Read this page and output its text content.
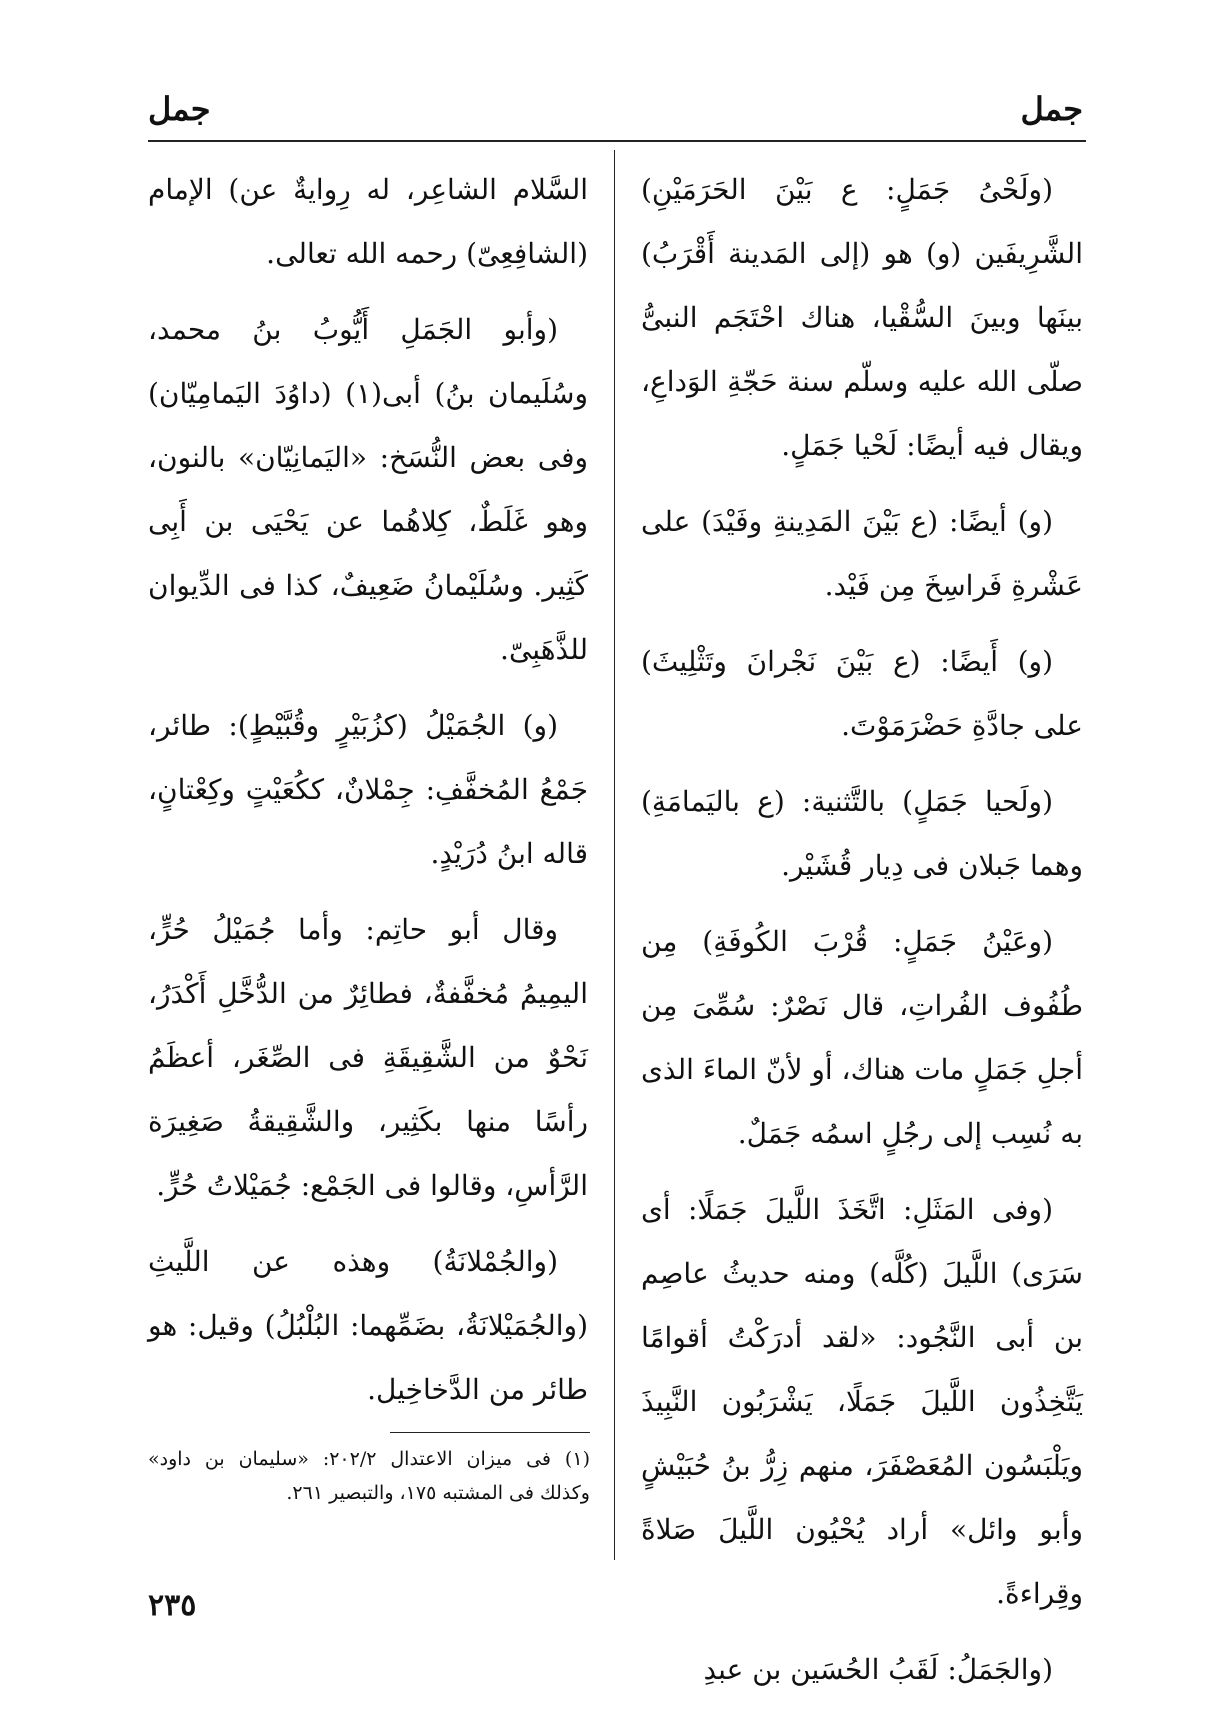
جمل
جمل

(ولَحْىُ جَمَلٍ: ع بَيْنَ الحَرَمَيْنِ) الشَّرِيفَين (و) هو (إلى المَدينة أَقْرَبُ) بينَها وبينَ السُّقْيا، هناك احْتَجَم النبىُّ صلّى الله عليه وسلّم سنة حَجّةِ الوَداعِ، ويقال فيه أيضًا: لَحْيا جَمَلٍ.

(و) أيضًا: (ع بَيْنَ المَدِينةِ وفَيْدَ) على عَشْرةِ فَراسِخَ مِن فَيْد.

(و) أَيضًا: (ع بَيْنَ نَجْرانَ وتَثْلِيثَ) على جادَّةِ حَضْرَمَوْتَ.

(ولَحيا جَمَلٍ) بالتَّثنية: (ع باليَمامَةِ) وهما جَبلان فى دِيار قُشَيْر.

(وعَيْنُ جَمَلٍ: قُرْبَ الكُوفَةِ) مِن طُفُوف الفُراتِ، قال نَصْرٌ: سُمِّىَ مِن أجلِ جَمَلٍ مات هناك، أو لأنّ الماءَ الذى به نُسِب إلى رجُلٍ اسمُه جَمَلٌ.

(وفى المَثَلِ: اتَّخَذَ اللَّيلَ جَمَلًا: أى سَرَى) اللَّيلَ (كُلَّه) ومنه حديثُ عاصِم بن أبى النَّجُود: «لقد أدرَكْتُ أقوامًا يَتَّخِذُون اللَّيلَ جَمَلًا، يَشْرَبُون النَّبِيذَ ويَلْبَسُون المُعَصْفَرَ، منهم زِرُّ بنُ حُبَيْشٍ وأبو وائل» أراد يُحْيُون اللَّيلَ صَلاةً وقِراءةً.

(والجَمَلُ: لَقَبُ الحُسَين بن عبدِ

السَّلام الشاعِر، له رِوايةٌ عن) الإمام (الشافِعِىّ) رحمه الله تعالى.

(وأبو الجَمَلِ أَيُّوبُ بنُ محمد، وسُلَيمان بنُ) أبى(١) (داوُدَ اليَمامِيّان) وفى بعض النُّسَخ: «اليَمانِيّان» بالنون، وهو غَلَطٌ، كِلاهُما عن يَحْيَى بن أَبِى كَثِير. وسُلَيْمانُ ضَعِيفٌ، كذا فى الدِّيوان للذَّهَبِىّ.

(و) الجُمَيْلُ (كزُبَيْرٍ وقُبَّيْطٍ): طائر، جَمْعُ المُخفَّفِ: جِمْلانٌ، ككُعَيْتٍ وكِعْتانٍ، قاله ابنُ دُرَيْدٍ.

وقال أبو حاتِم: وأما جُمَيْلُ حُرٍّ، اليمِيمُ مُخفَّفةٌ، فطائِرٌ من الدُّخَّلِ أَكْدَرُ، نَحْوٌ من الشَّقِيقَةِ فى الصِّغَر، أعظَمُ رأسًا منها بكَثِير، والشَّقِيقةُ صَغِيرَة الرَّأسِ، وقالوا فى الجَمْع: جُمَيْلاتُ حُرٍّ.

(والجُمْلانَةُ) وهذه عن اللَّيثِ (والجُمَيْلانَةُ، بضَمِّهما: البُلْبُلُ) وقيل: هو طائر من الدَّخاخِيل.

(١) فى ميزان الاعتدال ٢٠٢/٢: «سليمان بن داود» وكذلك فى المشتبه ١٧٥، والتبصير ٢٦١.
٢٣٥
